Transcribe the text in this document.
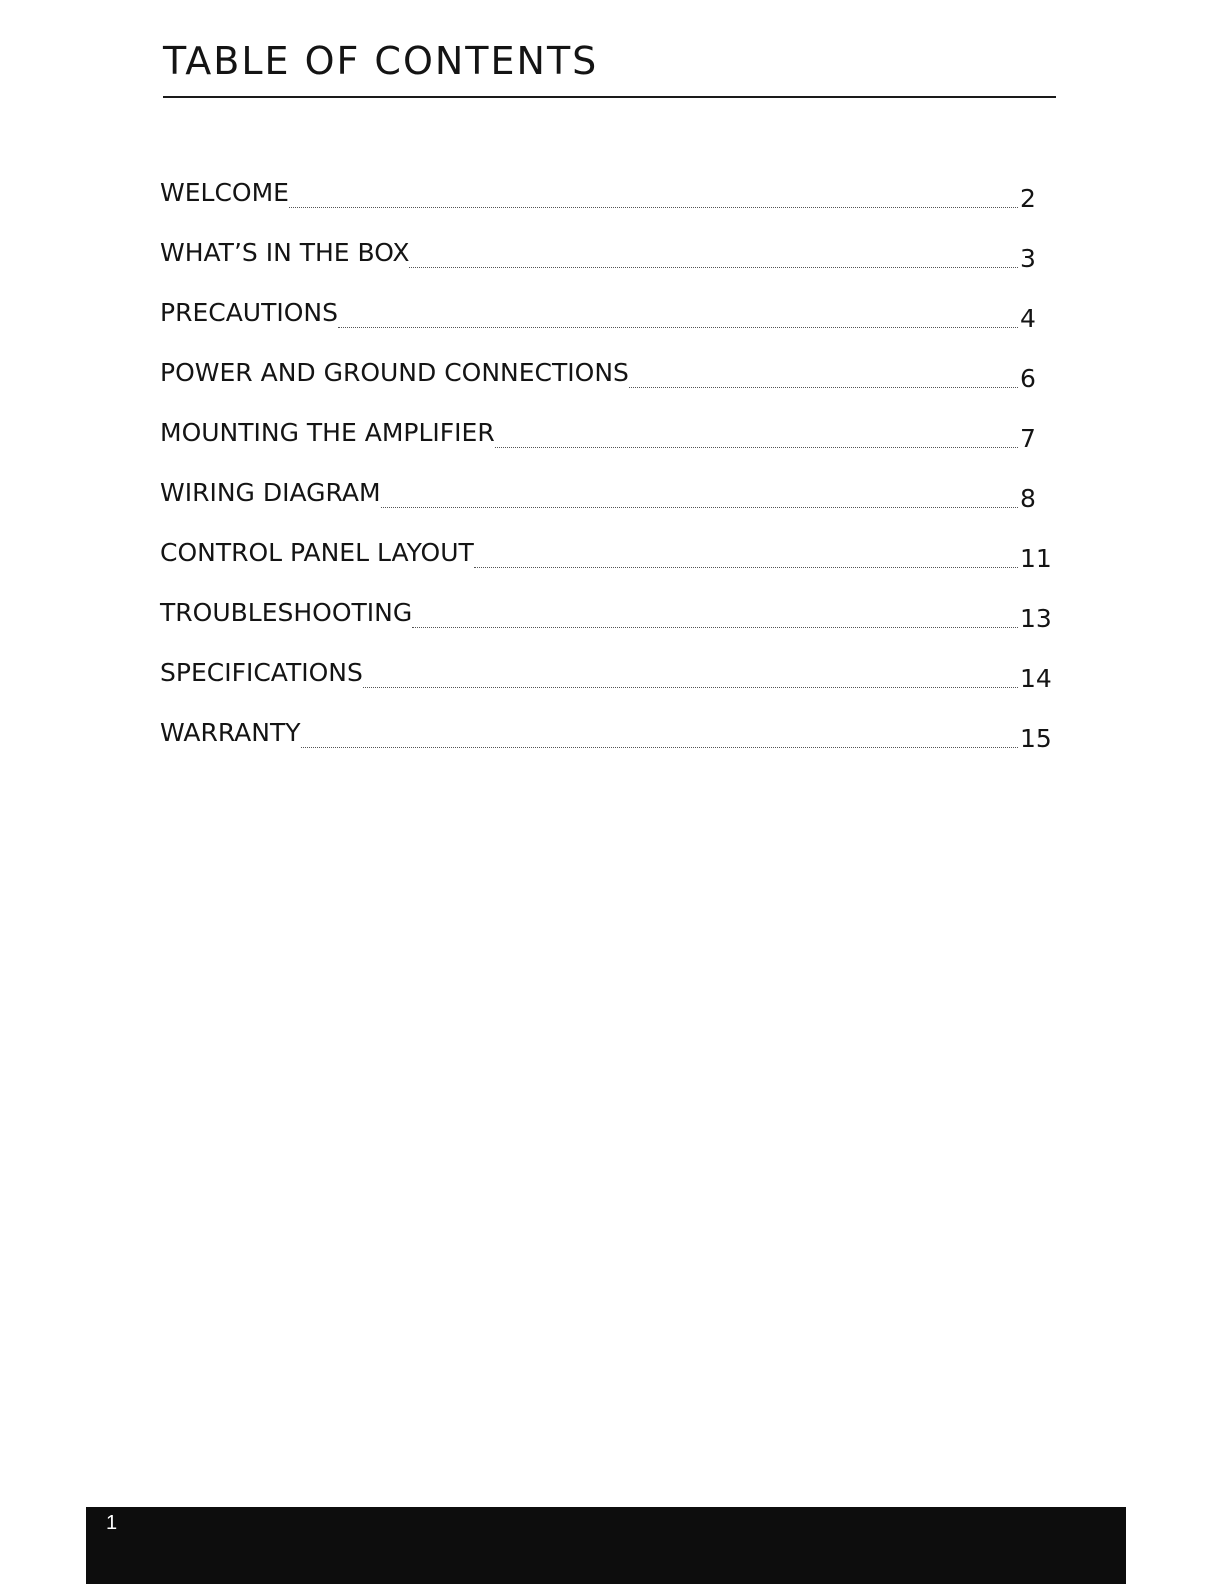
TABLE OF CONTENTS
WELCOME	2
WHAT’S IN THE BOX	3
PRECAUTIONS	4
POWER AND GROUND CONNECTIONS	6
MOUNTING THE AMPLIFIER	7
WIRING DIAGRAM	8
CONTROL PANEL LAYOUT	11
TROUBLESHOOTING	13
SPECIFICATIONS	14
WARRANTY	15
1
